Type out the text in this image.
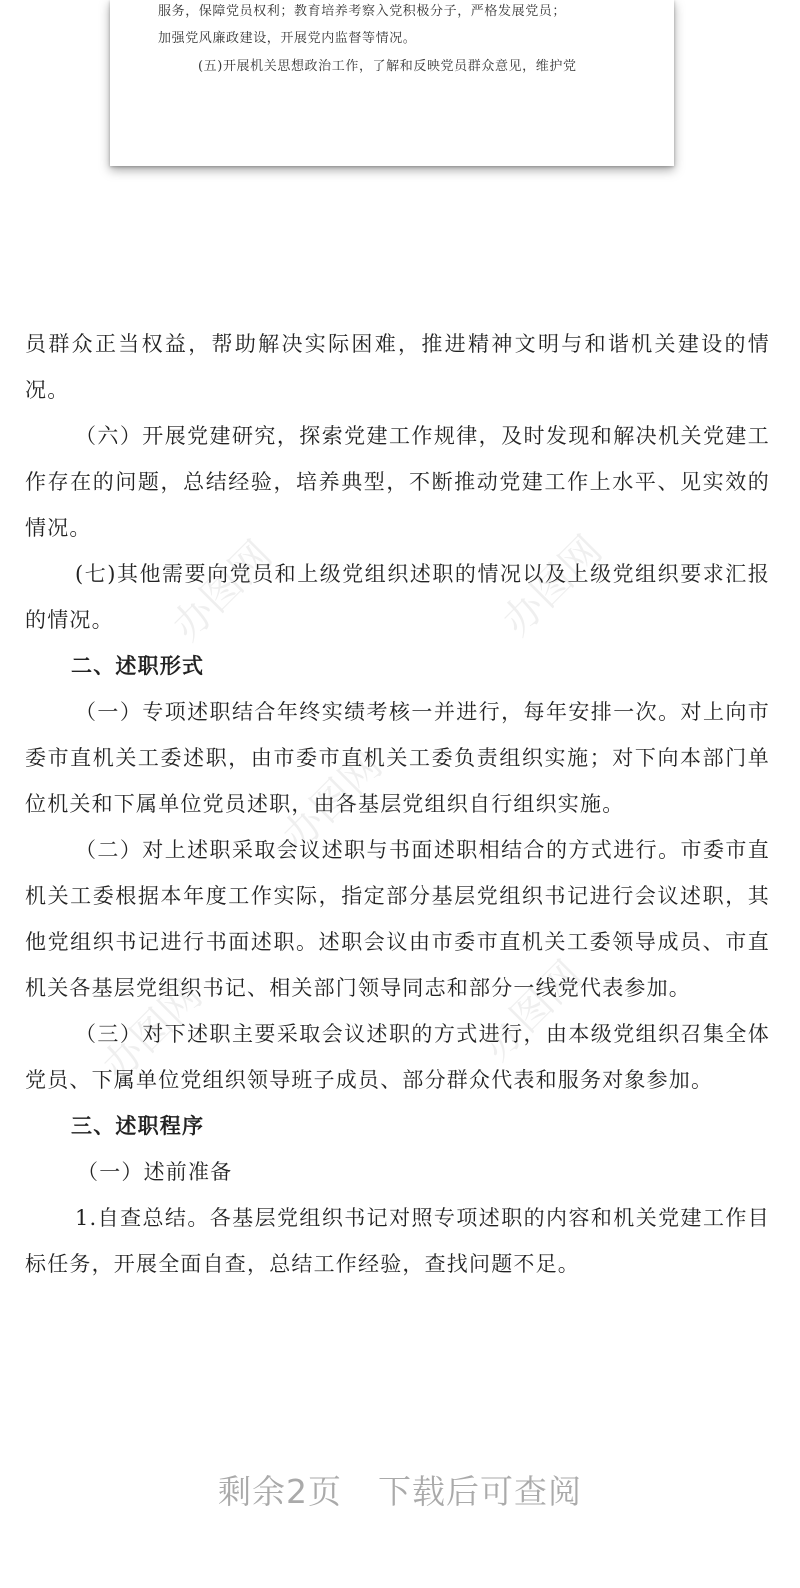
服务，保障党员权利；教育培养考察入党积极分子，严格发展党员；

加强党风廉政建设，开展党内监督等情况。

(五)开展机关思想政治工作，了解和反映党员群众意见，维护党

办图网	办图网
办图网
办图网	办图网

员群众正当权益，帮助解决实际困难，推进精神文明与和谐机关建设的情况。

（六）开展党建研究，探索党建工作规律，及时发现和解决机关党建工作存在的问题，总结经验，培养典型，不断推动党建工作上水平、见实效的情况。

(七)其他需要向党员和上级党组织述职的情况以及上级党组织要求汇报的情况。

二、述职形式

（一）专项述职结合年终实绩考核一并进行，每年安排一次。对上向市委市直机关工委述职，由市委市直机关工委负责组织实施；对下向本部门单位机关和下属单位党员述职，由各基层党组织自行组织实施。

（二）对上述职采取会议述职与书面述职相结合的方式进行。市委市直机关工委根据本年度工作实际，指定部分基层党组织书记进行会议述职，其他党组织书记进行书面述职。述职会议由市委市直机关工委领导成员、市直机关各基层党组织书记、相关部门领导同志和部分一线党代表参加。

（三）对下述职主要采取会议述职的方式进行，由本级党组织召集全体党员、下属单位党组织领导班子成员、部分群众代表和服务对象参加。

三、述职程序

（一）述前准备

1.自查总结。各基层党组织书记对照专项述职的内容和机关党建工作目标任务，开展全面自查，总结工作经验，查找问题不足。

剩余2页 下载后可查阅
